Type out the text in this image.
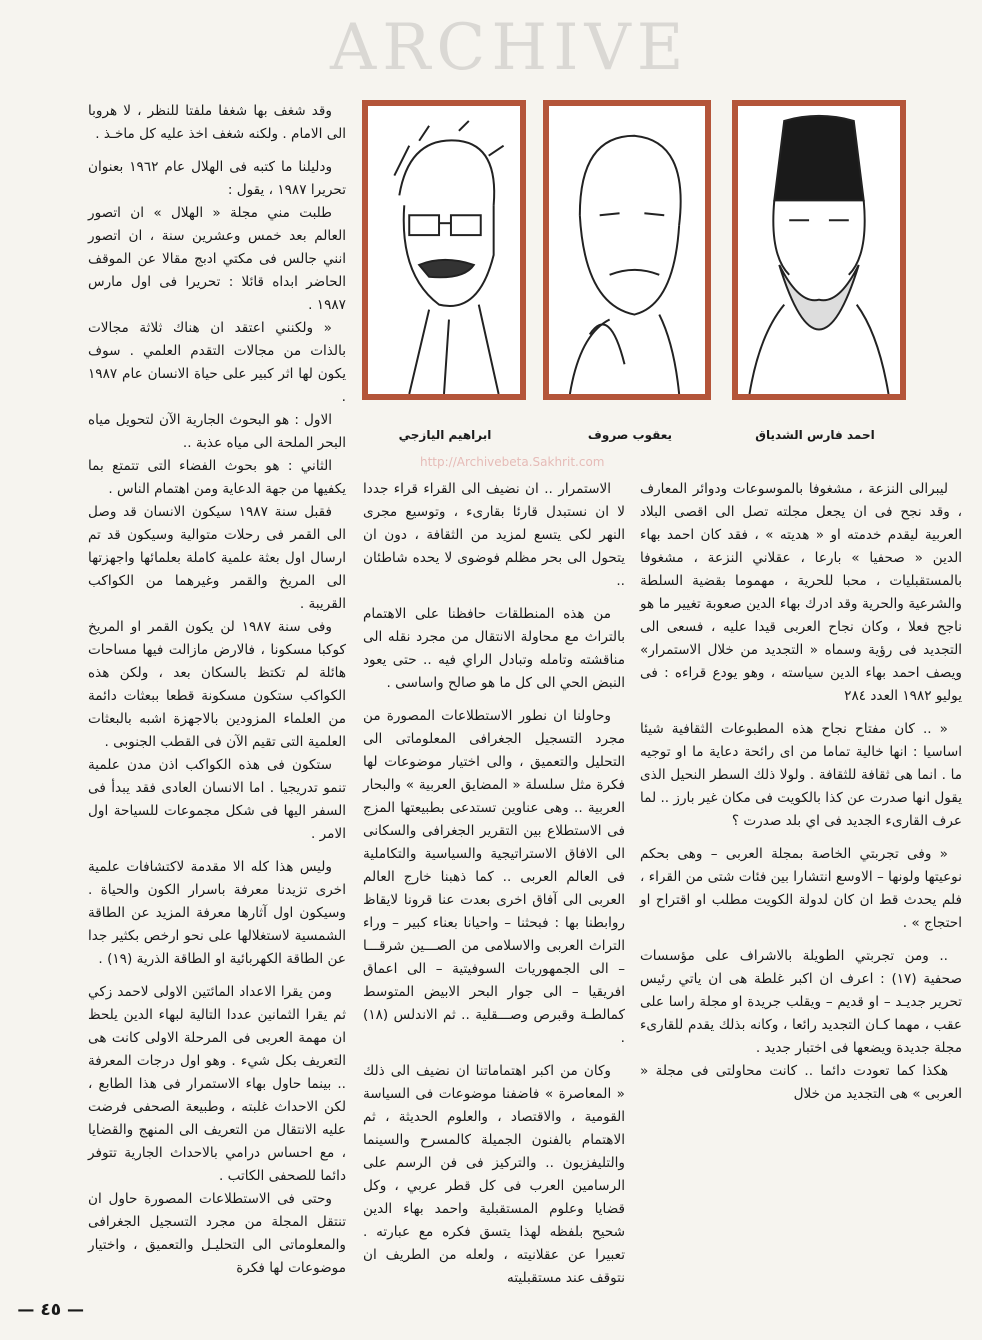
ARCHIVE
ابراهيم اليازجي	يعقوب صروف	احمد فارس الشدياق
http://Archivebeta.Sakhrit.com

ليبرالى النزعة ، مشغوفا بالموسوعات ودوائر المعارف ، وقد نجح فى ان يجعل مجلته تصل الى اقصى البلاد العربية ليقدم خدمته او « هديته » ، فقد كان احمد بهاء الدين « صحفيا » بارعا ، عقلاني النزعة ، مشغوفا بالمستقبليات ، محبا للحرية ، مهموما بقضية السلطة والشرعية والحرية وقد ادرك بهاء الدين صعوبة تغيير ما هو ناجح فعلا ، وكان نجاح العربى قيدا عليه ، فسعى الى التجديد فى رؤية وسماه « التجديد من خلال الاستمرار» ويصف احمد بهاء الدين سياسته ، وهو يودع قراءه : فى يوليو ١٩٨٢ العدد ٢٨٤

« .. كان مفتاح نجاح هذه المطبوعات الثقافية شيئا اساسيا : انها خالية تماما من اى رائحة دعاية ما او توجيه ما . انما هى ثقافة للثقافة . ولولا ذلك السطر النحيل الذى يقول انها صدرت عن كذا بالكويت فى مكان غير بارز .. لما عرف القارىء الجديد فى اي بلد صدرت ؟

« وفى تجربتي الخاصة بمجلة العربى – وهى بحكم نوعيتها ولونها – الاوسع انتشارا بين فئات شتى من القراء ، فلم يحدث قط ان كان لدولة الكويت مطلب او اقتراح او احتجاج » .

.. ومن تجربتي الطويلة بالاشراف على مؤسسات صحفية (١٧) : اعرف ان اكبر غلطة هى ان ياتي رئيس تحرير جديـد – او قديم – ويقلب جريدة او مجلة راسا على عقب ، مهما كـان التجديد رائعا ، وكانه بذلك يقدم للقارىء مجلة جديدة ويضعها فى اختبار جديد .

هكذا كما تعودت دائما .. كانت محاولتى فى مجلة « العربى » هى التجديد من خلال

الاستمرار .. ان نضيف الى القراء قراء جددا لا ان نستبدل قارئا بقارىء ، وتوسيع مجرى النهر لكى يتسع لمزيد من الثقافة ، دون ان يتحول الى بحر مظلم فوضوى لا يحده شاطئان ..

من هذه المنطلقات حافظنا على الاهتمام بالتراث مع محاولة الانتقال من مجرد نقله الى مناقشته وتامله وتبادل الراي فيه .. حتى يعود النبض الحي الى كل ما هو صالح واساسى .

وحاولنا ان نطور الاستطلاعات المصورة من مجرد التسجيل الجغرافى المعلوماتى الى التحليل والتعميق ، والى اختيار موضوعات لها فكرة مثل سلسلة « المضايق العربية » والبحار العربية .. وهى عناوين تستدعى بطبيعتها المزج فى الاستطلاع بين التقرير الجغرافى والسكانى الى الافاق الاستراتيجية والسياسية والتكاملية فى العالم العربى .. كما ذهبنا خارج العالم العربى الى آفاق اخرى بعدت عنا قرونا لايقاظ روابطنا بها : فبحثنا – واحيانا بعناء كبير – وراء التراث العربى والاسلامى من الصـــين شرقـــا – الى الجمهوريات السوفيتية – الى اعماق افريقيا – الى جوار البحر الابيض المتوسط كمالطـة وقبرص وصـــقلية .. ثم الاندلس (١٨) .

وكان من اكبر اهتماماتنا ان نضيف الى ذلك « المعاصرة » فاضفنا موضوعات فى السياسة القومية ، والاقتصاد ، والعلوم الحديثة ، ثم الاهتمام بالفنون الجميلة كالمسرح والسينما والتليفزيون .. والتركيز فى فن الرسم على الرسامين العرب فى كل قطر عربي ، وكل قضايا وعلوم المستقبلية واحمد بهاء الدين شحيح بلفظه لهذا يتسق فكره مع عبارته . تعبيرا عن عقلانيته ، ولعله من الطريف ان نتوقف عند مستقبليته

وقد شغف بها شغفا ملفتا للنظر ، لا هروبا الى الامام . ولكنه شغف اخذ عليه كل ماخـذ .

ودليلنا ما كتبه فى الهلال عام ١٩٦٢ بعنوان تحريرا ١٩٨٧ ، يقول :

طلبت مني مجلة « الهلال » ان اتصور العالم بعد خمس وعشرين سنة ، ان اتصور انني جالس فى مكتي ادبج مقالا عن الموقف الحاضر ابداه قائلا : تحريرا فى اول مارس ١٩٨٧ .

« ولكنني اعتقد ان هناك ثلاثة مجالات بالذات من مجالات التقدم العلمي . سوف يكون لها اثر كبير على حياة الانسان عام ١٩٨٧ .

الاول : هو البحوث الجارية الآن لتحويل مياه البحر الملحة الى مياه عذبة ..

الثاني : هو بحوث الفضاء التى تتمتع بما يكفيها من جهة الدعاية ومن اهتمام الناس .

فقبل سنة ١٩٨٧ سيكون الانسان قد وصل الى القمر فى رحلات متوالية وسيكون قد تم ارسال اول بعثة علمية كاملة بعلمائها واجهزتها الى المريخ والقمر وغيرهما من الكواكب القريبة .

وفى سنة ١٩٨٧ لن يكون القمر او المريخ كوكبا مسكونا ، فالارض مازالت فيها مساحات هائلة لم تكتظ بالسكان بعد ، ولكن هذه الكواكب ستكون مسكونة قطعا ببعثات دائمة من العلماء المزودين بالاجهزة اشبه بالبعثات العلمية التى تقيم الآن فى القطب الجنوبى .

ستكون فى هذه الكواكب اذن مدن علمية تنمو تدريجيا . اما الانسان العادى فقد يبدأ فى السفر اليها فى شكل مجموعات للسياحة اول الامر .

وليس هذا كله الا مقدمة لاكتشافات علمية اخرى تزيدنا معرفة باسرار الكون والحياة . وسيكون اول آثارها معرفة المزيد عن الطاقة الشمسية لاستغلالها على نحو ارخص بكثير جدا عن الطاقة الكهربائية او الطاقة الذرية (١٩) .

ومن يقرا الاعداد المائتين الاولى لاحمد زكي ثم يقرا الثمانين عددا التالية لبهاء الدين يلحظ ان مهمة العربى فى المرحلة الاولى كانت هى التعريف بكل شيء . وهو اول درجات المعرفة .. بينما حاول بهاء الاستمرار فى هذا الطابع ، لكن الاحداث غلبته ، وطبيعة الصحفى فرضت عليه الانتقال من التعريف الى المنهج والقضايا ، مع احساس درامي بالاحداث الجارية تتوفر دائما للصحفى الكاتب .

وحتى فى الاستطلاعات المصورة حاول ان تنتقل المجلة من مجرد التسجيل الجغرافى والمعلوماتى الى التحليـل والتعميق ، واختيار موضوعات لها فكرة

— ٤٥ —
